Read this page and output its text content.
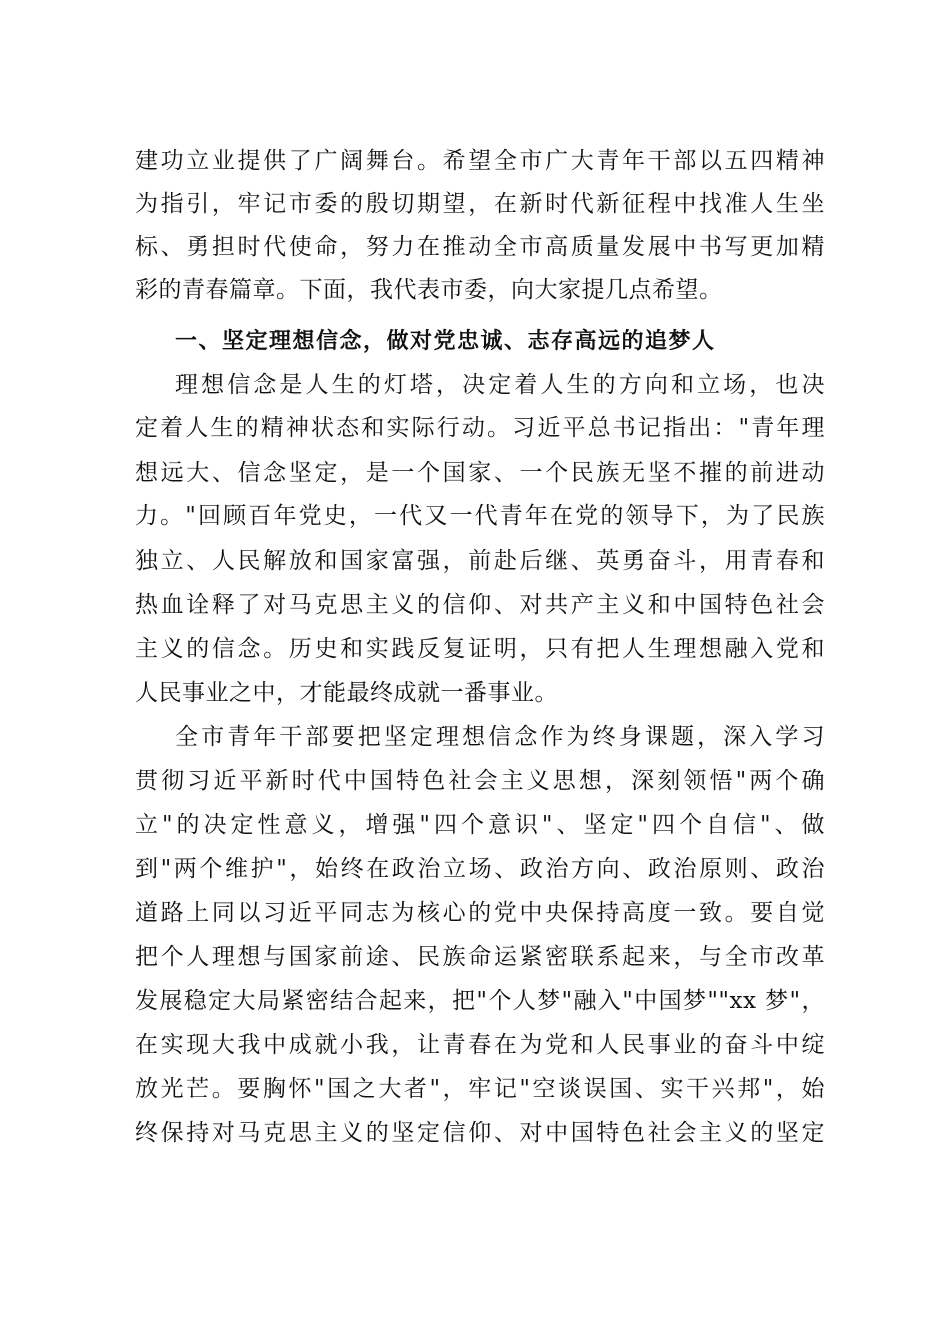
建功立业提供了广阔舞台。希望全市广大青年干部以五四精神
为指引，牢记市委的殷切期望，在新时代新征程中找准人生坐
标、勇担时代使命，努力在推动全市高质量发展中书写更加精
彩的青春篇章。下面，我代表市委，向大家提几点希望。
一、坚定理想信念，做对党忠诚、志存高远的追梦人
理想信念是人生的灯塔，决定着人生的方向和立场，也决
定着人生的精神状态和实际行动。习近平总书记指出："青年理
想远大、信念坚定，是一个国家、一个民族无坚不摧的前进动
力。"回顾百年党史，一代又一代青年在党的领导下，为了民族
独立、人民解放和国家富强，前赴后继、英勇奋斗，用青春和
热血诠释了对马克思主义的信仰、对共产主义和中国特色社会
主义的信念。历史和实践反复证明，只有把人生理想融入党和
人民事业之中，才能最终成就一番事业。
全市青年干部要把坚定理想信念作为终身课题，深入学习
贯彻习近平新时代中国特色社会主义思想，深刻领悟"两个确
立"的决定性意义，增强"四个意识"、坚定"四个自信"、做
到"两个维护"，始终在政治立场、政治方向、政治原则、政治
道路上同以习近平同志为核心的党中央保持高度一致。要自觉
把个人理想与国家前途、民族命运紧密联系起来，与全市改革
发展稳定大局紧密结合起来，把"个人梦"融入"中国梦""xx 梦"，
在实现大我中成就小我，让青春在为党和人民事业的奋斗中绽
放光芒。要胸怀"国之大者"，牢记"空谈误国、实干兴邦"，始
终保持对马克思主义的坚定信仰、对中国特色社会主义的坚定
